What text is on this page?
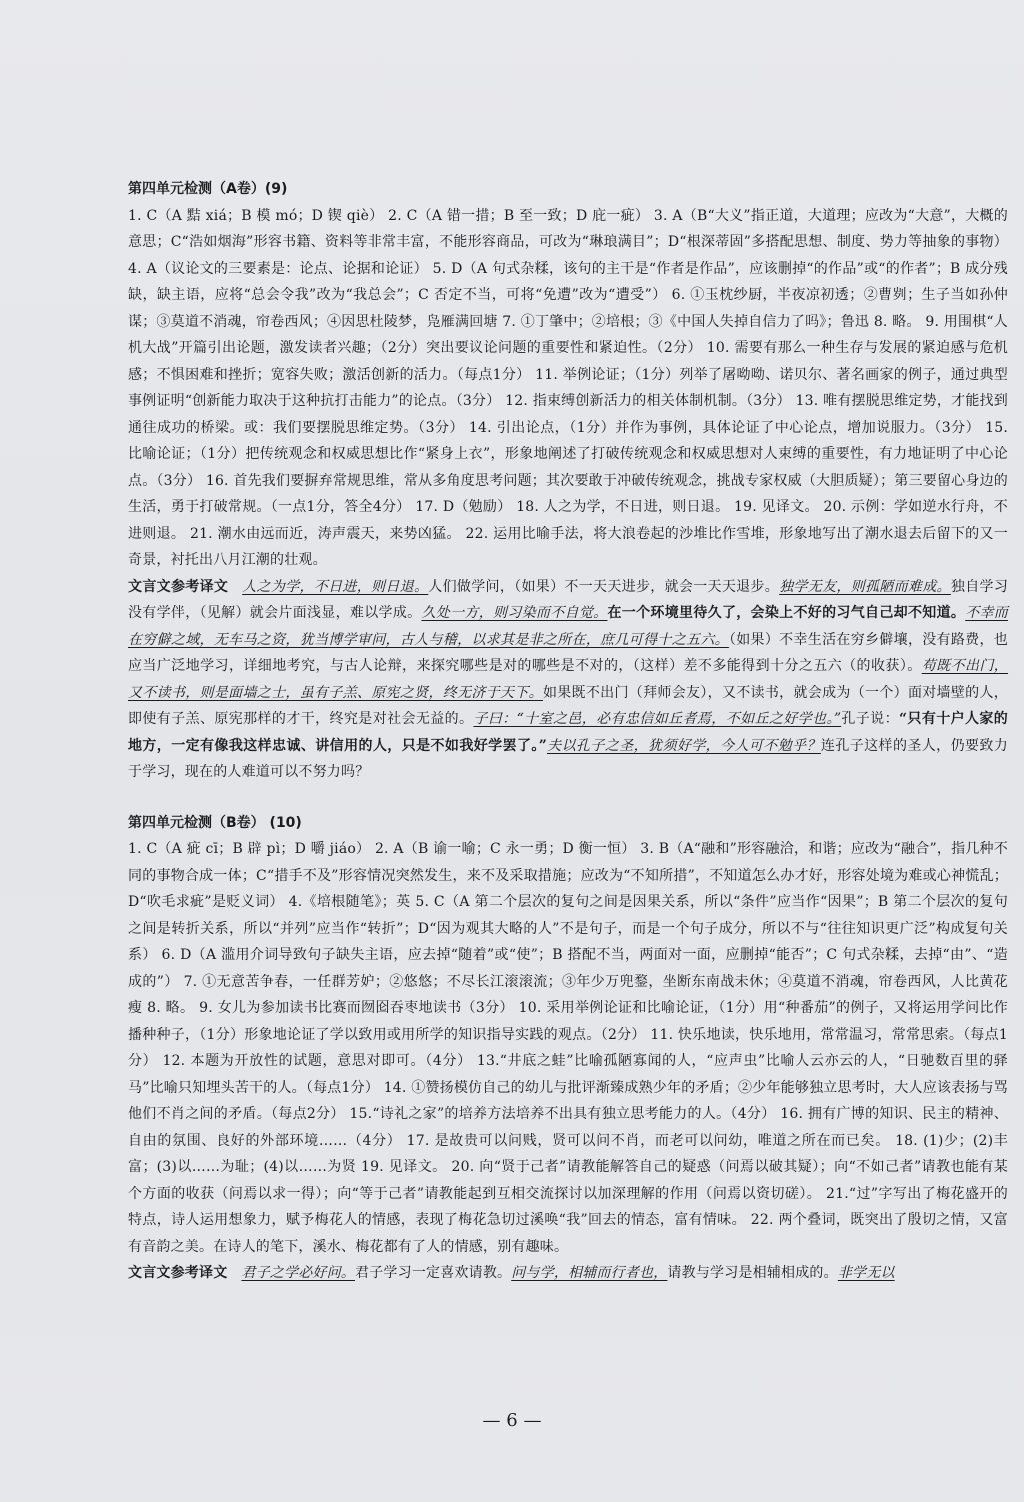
第四单元检测（A卷）(9)
1. C（A 黠 xiá；B 模 mó；D 锲 qiè） 2. C（A 错一措；B 至一致；D 庇一疵） 3. A（B“大义”指正道，大道理；应改为“大意”，大概的意思；C“浩如烟海”形容书籍、资料等非常丰富，不能形容商品，可改为“琳琅满目”；D“根深蒂固”多搭配思想、制度、势力等抽象的事物） 4. A（议论文的三要素是：论点、论据和论证） 5. D（A 句式杂糅，该句的主干是“作者是作品”，应该删掉“的作品”或“的作者”；B 成分残缺，缺主语，应将“总会令我”改为“我总会”；C 否定不当，可将“免遭”改为“遭受”） 6. ①玉枕纱厨，半夜凉初透；②曹刿；生子当如孙仲谋；③莫道不消魂，帘卷西风；④因思杜陵梦，凫雁满回塘 7. ①丁肇中；②培根；③《中国人失掉自信力了吗》；鲁迅 8. 略。 9. 用围棋“人机大战”开篇引出论题，激发读者兴趣；（2分）突出要议论问题的重要性和紧迫性。（2分） 10. 需要有那么一种生存与发展的紧迫感与危机感；不惧困难和挫折；宽容失败；激活创新的活力。（每点1分） 11. 举例论证；（1分）列举了屠呦呦、诺贝尔、著名画家的例子，通过典型事例证明“创新能力取决于这种抗打击能力”的论点。（3分） 12. 指束缚创新活力的相关体制机制。（3分） 13. 唯有摆脱思维定势，才能找到通往成功的桥梁。或：我们要摆脱思维定势。（3分） 14. 引出论点，（1分）并作为事例，具体论证了中心论点，增加说服力。（3分） 15. 比喻论证；（1分）把传统观念和权威思想比作“紧身上衣”，形象地阐述了打破传统观念和权威思想对人束缚的重要性，有力地证明了中心论点。（3分） 16. 首先我们要摒弃常规思维，常从多角度思考问题；其次要敢于冲破传统观念，挑战专家权威（大胆质疑）；第三要留心身边的生活，勇于打破常规。（一点1分，答全4分） 17. D（勉励） 18. 人之为学，不日进，则日退。 19. 见译文。 20. 示例：学如逆水行舟，不进则退。 21. 潮水由远而近，涛声震天，来势凶猛。 22. 运用比喻手法，将大浪卷起的沙堆比作雪堆，形象地写出了潮水退去后留下的又一奇景，衬托出八月江潮的壮观。
文言文参考译文 人之为学，不日进，则日退。人们做学问，（如果）不一天天进步，就会一天天退步。独学无友，则孤陋而难成。独自学习没有学伴，（见解）就会片面浅显，难以学成。久处一方，则习染而不自觉。在一个环境里待久了，会染上不好的习气自己却不知道。不幸而在穷僻之域，无车马之资，犹当博学审问，古人与稽，以求其是非之所在，庶几可得十之五六。（如果）不幸生活在穷乡僻壤，没有路费，也应当广泛地学习，详细地考究，与古人论辩，来探究哪些是对的哪些是不对的，（这样）差不多能得到十分之五六（的收获）。苟既不出门，又不读书，则是面墙之士，虽有子羔、原宪之贤，终无济于天下。如果既不出门（拜师会友），又不读书，就会成为（一个）面对墙壁的人，即使有子羔、原宪那样的才干，终究是对社会无益的。子曰：“十室之邑，必有忠信如丘者焉，不如丘之好学也。”孔子说：“只有十户人家的地方，一定有像我这样忠诚、讲信用的人，只是不如我好学罢了。”夫以孔子之圣，犹须好学，今人可不勉乎？连孔子这样的圣人，仍要致力于学习，现在的人难道可以不努力吗？
第四单元检测（B卷） (10)
1. C（A 疵 cī；B 辟 pì；D 嚼 jiáo） 2. A（B 谕一喻；C 永一勇；D 衡一恒） 3. B（A“融和”形容融洽，和谐；应改为“融合”，指几种不同的事物合成一体；C“措手不及”形容情况突然发生，来不及采取措施；应改为“不知所措”，不知道怎么办才好，形容处境为难或心神慌乱；D“吹毛求疵”是贬义词） 4.《培根随笔》；英 5. C（A 第二个层次的复句之间是因果关系，所以“条件”应当作“因果”；B 第二个层次的复句之间是转折关系，所以“并列”应当作“转折”；D“因为观其大略的人”不是句子，而是一个句子成分，所以不与“往往知识更广泛”构成复句关系） 6. D（A 滥用介词导致句子缺失主语，应去掉“随着”或“使”；B 搭配不当，两面对一面，应删掉“能否”；C 句式杂糅，去掉“由”、“造成的”） 7. ①无意苦争春，一任群芳妒；②悠悠；不尽长江滚滚流；③年少万兜鍪，坐断东南战未休；④莫道不消魂，帘卷西风，人比黄花瘦 8. 略。 9. 女儿为参加读书比赛而囫囵吞枣地读书（3分） 10. 采用举例论证和比喻论证，（1分）用“种番茄”的例子，又将运用学问比作播种种子，（1分）形象地论证了学以致用或用所学的知识指导实践的观点。（2分） 11. 快乐地读，快乐地用，常常温习，常常思索。（每点1分） 12. 本题为开放性的试题，意思对即可。（4分） 13.“井底之蛙”比喻孤陋寡闻的人，“应声虫”比喻人云亦云的人，“日驰数百里的驿马”比喻只知埋头苦干的人。（每点1分） 14. ①赞扬模仿自己的幼儿与批评渐臻成熟少年的矛盾；②少年能够独立思考时，大人应该表扬与骂他们不肖之间的矛盾。（每点2分） 15.“诗礼之家”的培养方法培养不出具有独立思考能力的人。（4分） 16. 拥有广博的知识、民主的精神、自由的氛围、良好的外部环境……（4分） 17. 是故贵可以问贱，贤可以问不肖，而老可以问幼，唯道之所在而已矣。 18. (1)少；(2)丰富；(3)以……为耻；(4)以……为贤 19. 见译文。 20. 向“贤于己者”请教能解答自己的疑惑（问焉以破其疑）；向“不如己者”请教也能有某个方面的收获（问焉以求一得）；向“等于己者”请教能起到互相交流探讨以加深理解的作用（问焉以资切磋）。 21.“过”字写出了梅花盛开的特点，诗人运用想象力，赋予梅花人的情感，表现了梅花急切过溪唤“我”回去的情态，富有情味。 22. 两个叠词，既突出了殷切之情，又富有音韵之美。在诗人的笔下，溪水、梅花都有了人的情感，别有趣味。
文言文参考译文 君子之学必好问。君子学习一定喜欢请教。问与学，相辅而行者也，请教与学习是相辅相成的。非学无以
— 6 —
